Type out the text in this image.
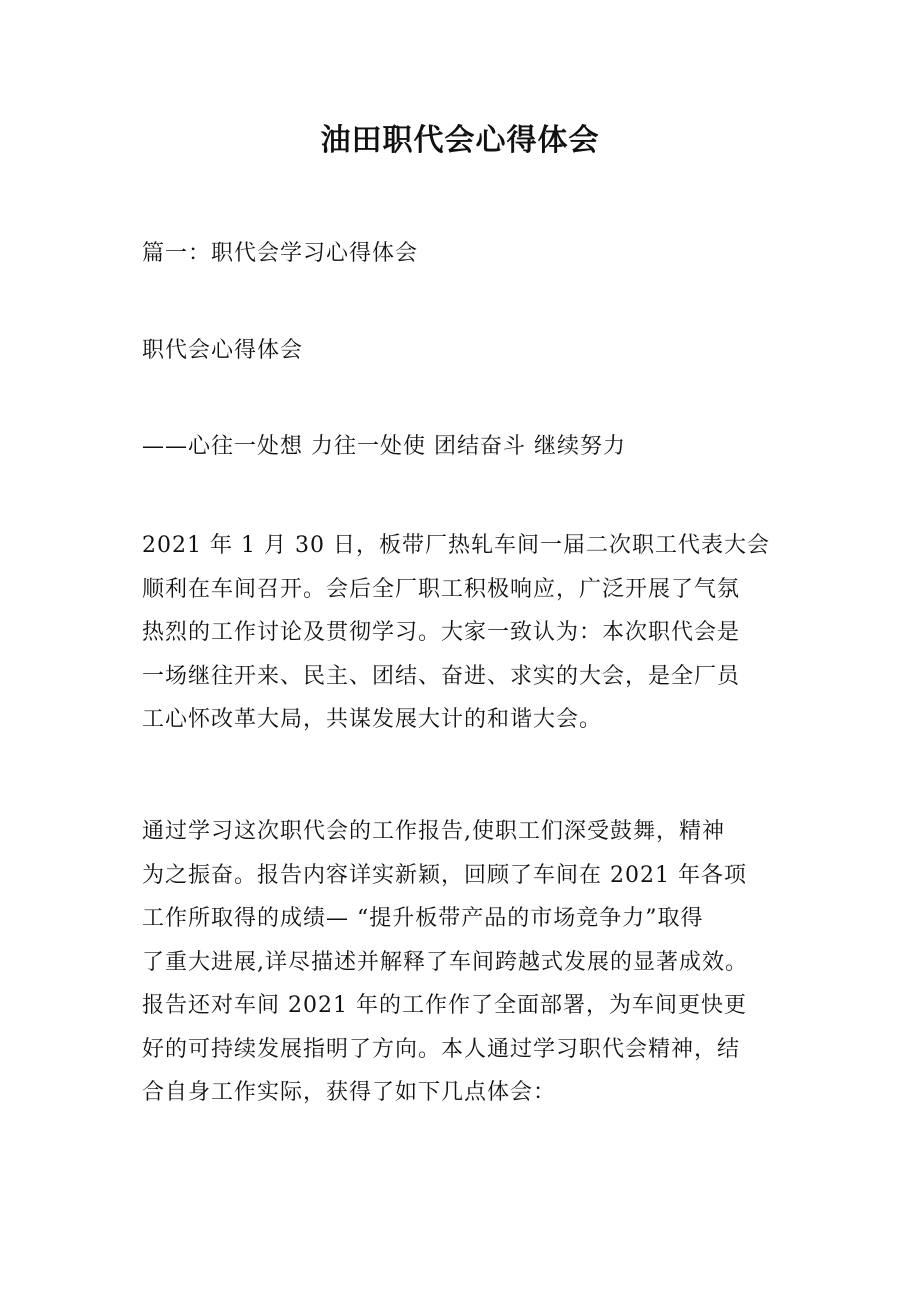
油田职代会心得体会

篇一：职代会学习心得体会

职代会心得体会

——心往一处想 力往一处使 团结奋斗 继续努力

2021 年 1 月 30 日，板带厂热轧车间一届二次职工代表大会
顺利在车间召开。会后全厂职工积极响应，广泛开展了气氛
热烈的工作讨论及贯彻学习。大家一致认为：本次职代会是
一场继往开来、民主、团结、奋进、求实的大会，是全厂员
工心怀改革大局，共谋发展大计的和谐大会。
通过学习这次职代会的工作报告,使职工们深受鼓舞，精神
为之振奋。报告内容详实新颖，回顾了车间在 2021 年各项
工作所取得的成绩— “提升板带产品的市场竞争力”取得
了重大进展,详尽描述并解释了车间跨越式发展的显著成效。
报告还对车间 2021 年的工作作了全面部署，为车间更快更
好的可持续发展指明了方向。本人通过学习职代会精神，结
合自身工作实际，获得了如下几点体会：
